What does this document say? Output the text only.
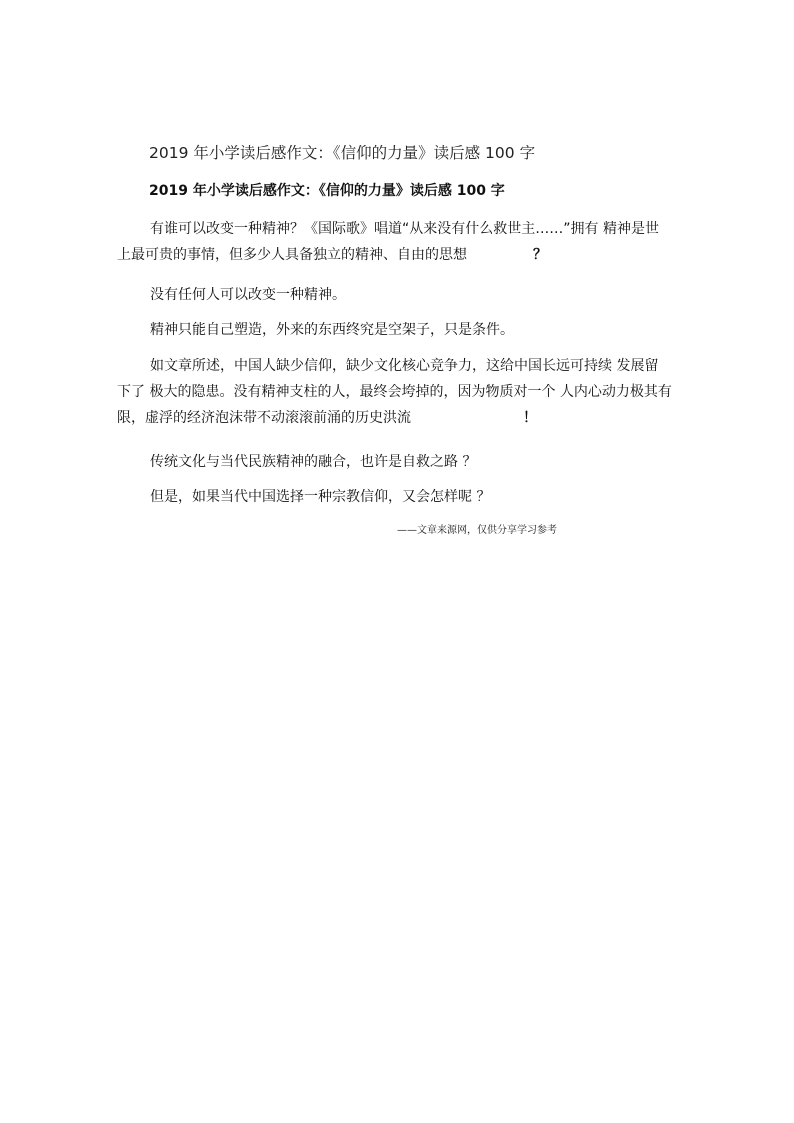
2019 年小学读后感作文：《信仰的力量》读后感 100 字
2019 年小学读后感作文：《信仰的力量》读后感 100 字
有谁可以改变一种精神？《国际歌》唱道“从来没有什么救世主……”拥有 精神是世上最可贵的事情，但多少人具备独立的精神、自由的思想	？
没有任何人可以改变一种精神。
精神只能自己塑造，外来的东西终究是空架子，只是条件。
如文章所述，中国人缺少信仰，缺少文化核心竞争力，这给中国长远可持续 发展留下了 极大的隐患。没有精神支柱的人，最终会垮掉的，因为物质对一个 人内心动力极其有限，虚浮的经济泡沫带不动滚滚前涌的历史洪流	！
传统文化与当代民族精神的融合，也许是自救之路 ？
但是，如果当代中国选择一种宗教信仰，又会怎样呢 ？
——文章来源网，仅供分享学习参考
